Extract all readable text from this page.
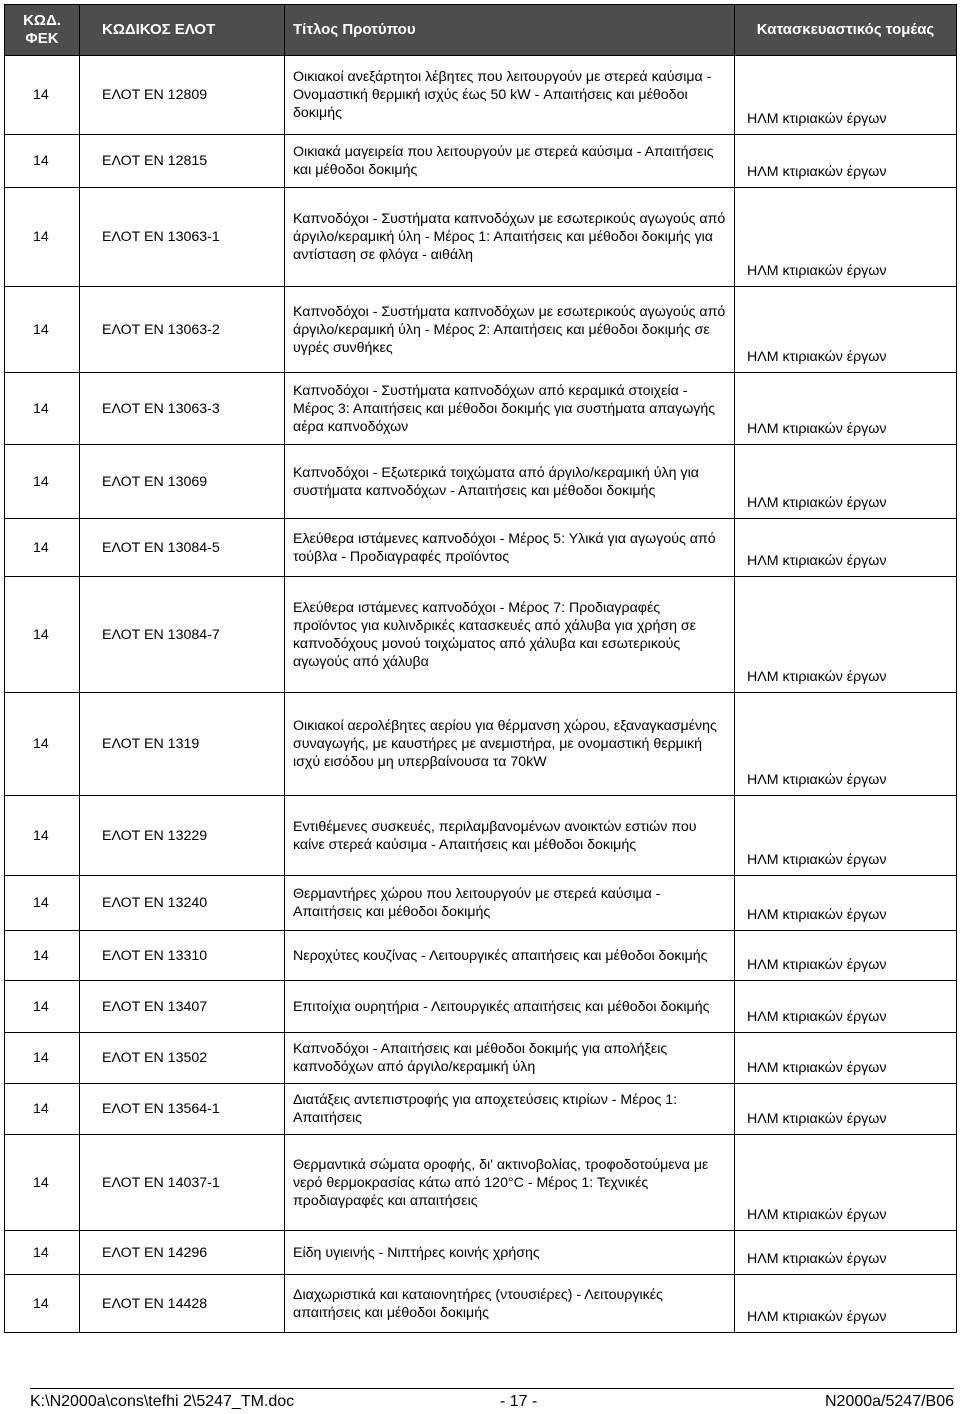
ΚΩΔ. ΦΕΚ	ΚΩΔΙΚΟΣ ΕΛΟΤ	Τίτλος Προτύπου	Κατασκευαστικός τομέας
14	ΕΛΟΤ ΕΝ 12809	Οικιακοί ανεξάρτητοι λέβητες που λειτουργούν με στερεά καύσιμα - Ονομαστική θερμική ισχύς έως 50 kW - Απαιτήσεις και μέθοδοι δοκιμής	ΗΛΜ κτιριακών έργων
14	ΕΛΟΤ ΕΝ 12815	Οικιακά μαγειρεία που λειτουργούν με στερεά καύσιμα - Απαιτήσεις και μέθοδοι δοκιμής	ΗΛΜ κτιριακών έργων
14	ΕΛΟΤ ΕΝ 13063-1	Καπνοδόχοι - Συστήματα καπνοδόχων με εσωτερικούς αγωγούς από άργιλο/κεραμική ύλη - Μέρος 1: Απαιτήσεις και μέθοδοι δοκιμής για αντίσταση σε φλόγα - αιθάλη	ΗΛΜ κτιριακών έργων
14	ΕΛΟΤ ΕΝ 13063-2	Καπνοδόχοι - Συστήματα καπνοδόχων με εσωτερικούς αγωγούς από άργιλο/κεραμική ύλη - Μέρος 2: Απαιτήσεις και μέθοδοι δοκιμής σε υγρές συνθήκες	ΗΛΜ κτιριακών έργων
14	ΕΛΟΤ ΕΝ 13063-3	Καπνοδόχοι - Συστήματα καπνοδόχων από κεραμικά στοιχεία - Μέρος 3: Απαιτήσεις και μέθοδοι δοκιμής για συστήματα απαγωγής αέρα καπνοδόχων	ΗΛΜ κτιριακών έργων
14	ΕΛΟΤ ΕΝ 13069	Καπνοδόχοι - Εξωτερικά τοιχώματα από άργιλο/κεραμική ύλη για συστήματα καπνοδόχων - Απαιτήσεις και μέθοδοι δοκιμής	ΗΛΜ κτιριακών έργων
14	ΕΛΟΤ ΕΝ 13084-5	Ελεύθερα ιστάμενες καπνοδόχοι - Μέρος 5: Υλικά για αγωγούς από τούβλα - Προδιαγραφές προϊόντος	ΗΛΜ κτιριακών έργων
14	ΕΛΟΤ ΕΝ 13084-7	Ελεύθερα ιστάμενες καπνοδόχοι - Μέρος 7: Προδιαγραφές προϊόντος για κυλινδρικές κατασκευές από χάλυβα για χρήση σε καπνοδόχους μονού τοιχώματος από χάλυβα και εσωτερικούς αγωγούς από χάλυβα	ΗΛΜ κτιριακών έργων
14	ΕΛΟΤ ΕΝ 1319	Οικιακοί αερολέβητες αερίου για θέρμανση χώρου, εξαναγκασμένης συναγωγής, με καυστήρες με ανεμιστήρα, με ονομαστική θερμική ισχύ εισόδου μη υπερβαίνουσα τα 70kW	ΗΛΜ κτιριακών έργων
14	ΕΛΟΤ ΕΝ 13229	Εντιθέμενες συσκευές, περιλαμβανομένων ανοικτών εστιών που καίνε στερεά καύσιμα - Απαιτήσεις και μέθοδοι δοκιμής	ΗΛΜ κτιριακών έργων
14	ΕΛΟΤ ΕΝ 13240	Θερμαντήρες χώρου που λειτουργούν με στερεά καύσιμα - Απαιτήσεις και μέθοδοι δοκιμής	ΗΛΜ κτιριακών έργων
14	ΕΛΟΤ ΕΝ 13310	Νεροχύτες κουζίνας - Λειτουργικές απαιτήσεις και μέθοδοι δοκιμής	ΗΛΜ κτιριακών έργων
14	ΕΛΟΤ ΕΝ 13407	Επιτοίχια ουρητήρια - Λειτουργικές απαιτήσεις και μέθοδοι δοκιμής	ΗΛΜ κτιριακών έργων
14	ΕΛΟΤ ΕΝ 13502	Καπνοδόχοι - Απαιτήσεις και μέθοδοι δοκιμής για απολήξεις καπνοδόχων από άργιλο/κεραμική ύλη	ΗΛΜ κτιριακών έργων
14	ΕΛΟΤ ΕΝ 13564-1	Διατάξεις αντεπιστροφής για αποχετεύσεις κτιρίων - Μέρος 1: Απαιτήσεις	ΗΛΜ κτιριακών έργων
14	ΕΛΟΤ ΕΝ 14037-1	Θερμαντικά σώματα οροφής, δι' ακτινοβολίας, τροφοδοτούμενα με νερό θερμοκρασίας κάτω από 120°C - Μέρος 1: Τεχνικές προδιαγραφές και απαιτήσεις	ΗΛΜ κτιριακών έργων
14	ΕΛΟΤ ΕΝ 14296	Είδη υγιεινής - Νιπτήρες κοινής χρήσης	ΗΛΜ κτιριακών έργων
14	ΕΛΟΤ ΕΝ 14428	Διαχωριστικά και καταιονητήρες (ντουσιέρες) - Λειτουργικές απαιτήσεις και μέθοδοι δοκιμής	ΗΛΜ κτιριακών έργων
K:\N2000a\cons\tefhi 2\5247_TM.doc	- 17 -	N2000a/5247/B06
